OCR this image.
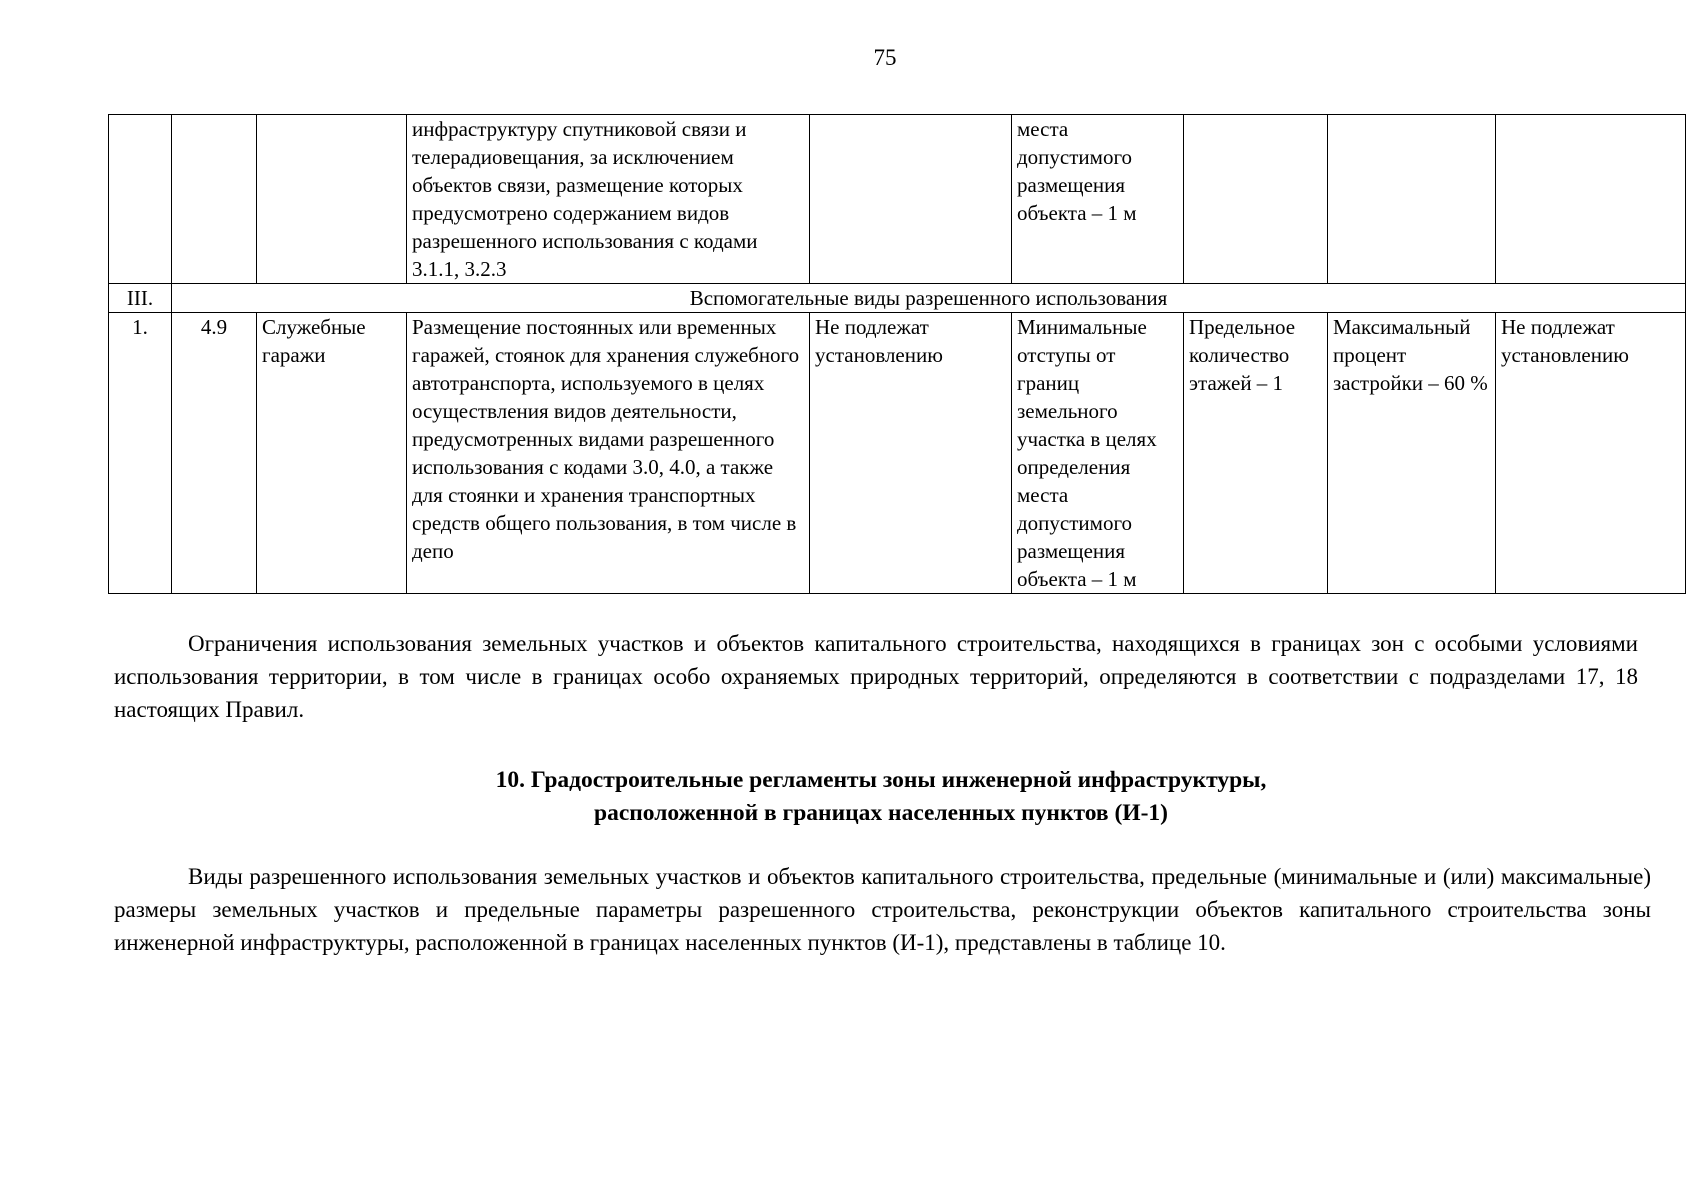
75
			инфраструктуру спутниковой связи и телерадиовещания, за исключением объектов связи, размещение которых предусмотрено содержанием видов разрешенного использования с кодами 3.1.1, 3.2.3		места допустимого размещения объекта – 1 м			
III.	Вспомогательные виды разрешенного использования							
1.	4.9	Служебные гаражи	Размещение постоянных или временных гаражей, стоянок для хранения служебного автотранспорта, используемого в целях осуществления видов деятельности, предусмотренных видами разрешенного использования с кодами 3.0, 4.0, а также для стоянки и хранения транспортных средств общего пользования, в том числе в депо	Не подлежат установлению	Минимальные отступы от границ земельного участка в целях определения места допустимого размещения объекта – 1 м	Предельное количество этажей – 1	Максимальный процент застройки – 60 %	Не подлежат установлению

Ограничения использования земельных участков и объектов капитального строительства, находящихся в границах зон с особыми условиями использования территории, в том числе в границах особо охраняемых природных территорий, определяются в соответствии с подразделами 17, 18 настоящих Правил.

10. Градостроительные регламенты зоны инженерной инфраструктуры,
расположенной в границах населенных пунктов (И-1)

Виды разрешенного использования земельных участков и объектов капитального строительства, предельные (минимальные и (или) максимальные) размеры земельных участков и предельные параметры разрешенного строительства, реконструкции объектов капитального строительства зоны инженерной инфраструктуры, расположенной в границах населенных пунктов (И-1), представлены в таблице 10.
